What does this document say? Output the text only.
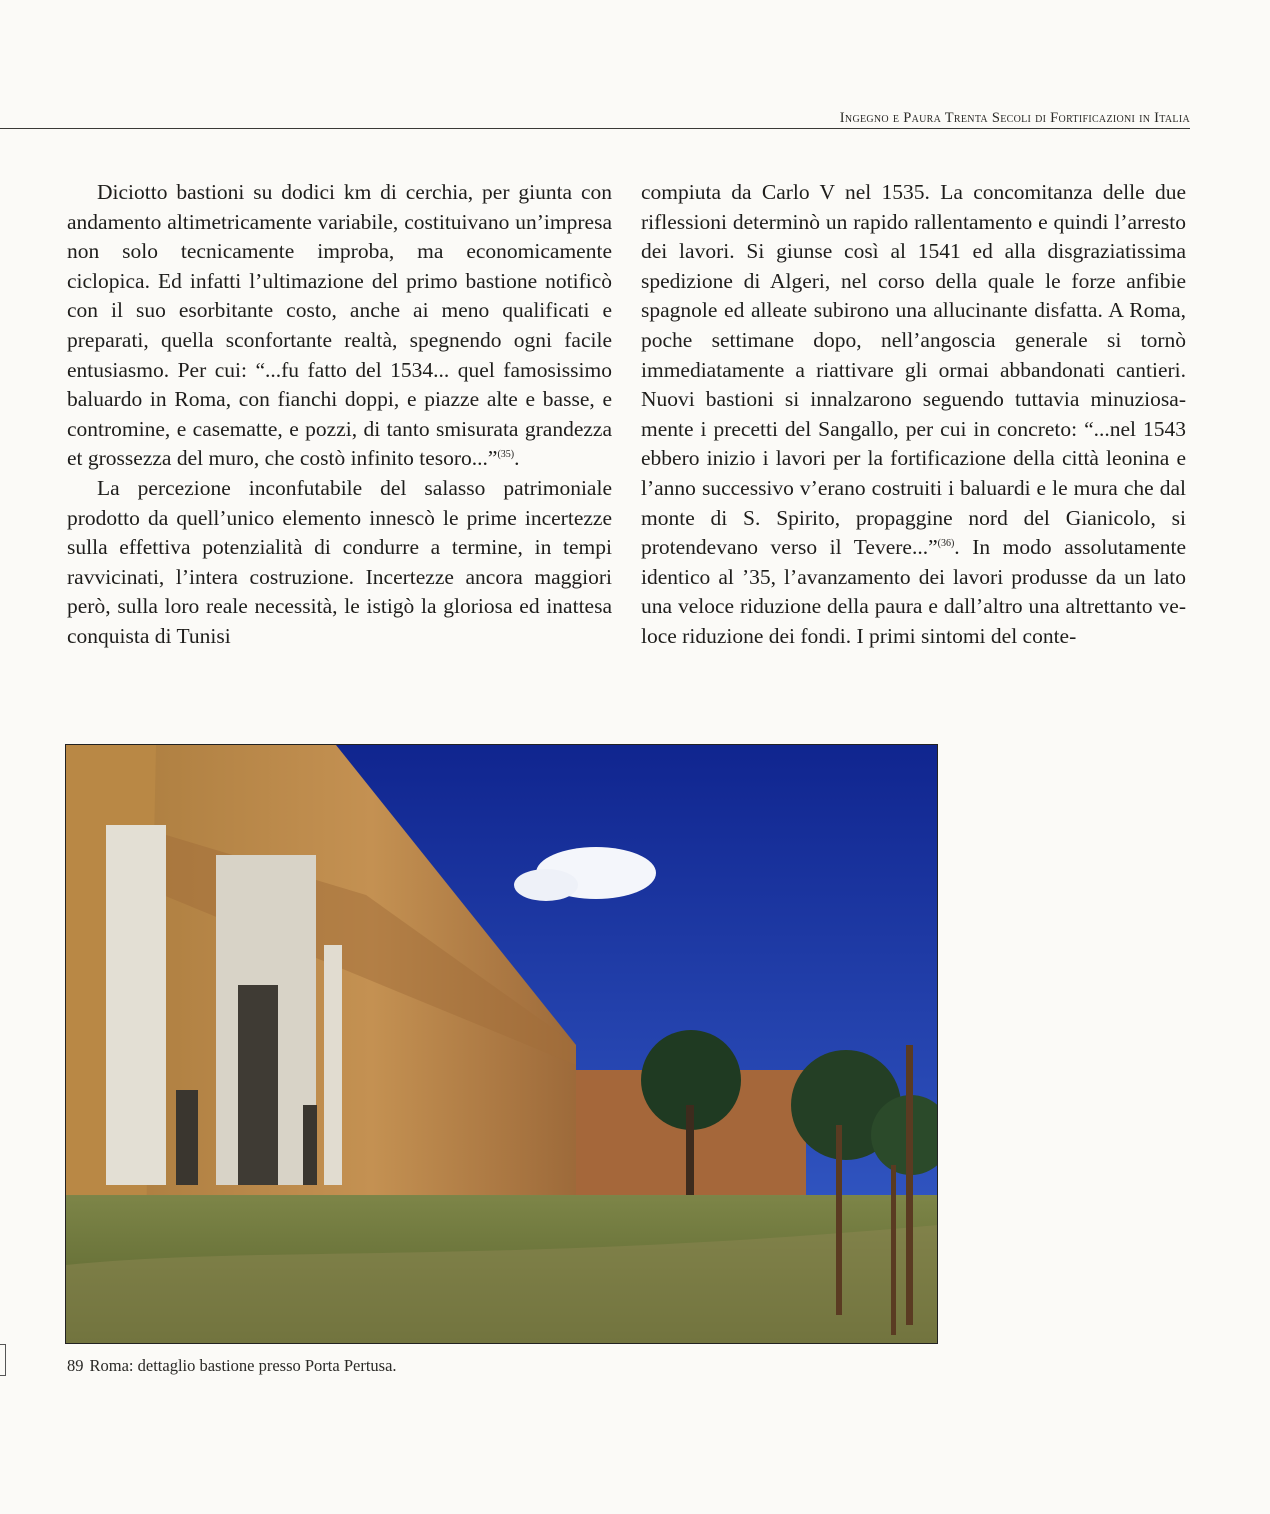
Ingegno e Paura Trenta Secoli di Fortificazioni in Italia

Diciotto bastioni su dodici km di cerchia, per giunta con andamento altimetricamente variabile, costituivano un’impresa non solo tecnicamente improba, ma economicamente ciclopica. Ed infatti l’ultimazione del primo bastione notificò con il suo esorbitante costo, anche ai meno qualificati e preparati, quella sconfortante realtà, spegnendo ogni facile entusiasmo. Per cui: “...fu fatto del 1534... quel famosissimo baluardo in Roma, con fianchi doppi, e piazze alte e basse, e contromine, e casematte, e pozzi, di tanto smisurata grandezza et grossezza del muro, che costò infinito tesoro...”$^{(35)}$.

La percezione inconfutabile del salasso patrimoniale prodotto da quell’unico elemento innescò le prime incertezze sulla effettiva potenzialità di condurre a termine, in tempi ravvicinati, l’intera costruzione. Incertezze ancora maggiori però, sulla loro reale necessità, le istigò la gloriosa ed inattesa conquista di Tunisi

compiuta da Carlo V nel 1535. La concomitanza delle due riflessioni determinò un rapido rallentamento e quindi l’arresto dei lavori. Si giunse così al 1541 ed alla disgraziatissima spedizione di Algeri, nel corso della quale le forze anfibie spagnole ed alleate subirono una allucinante disfatta. A Roma, poche settimane dopo, nell’angoscia generale si tornò immediatamente a riattivare gli ormai abbandonati cantieri. Nuovi bastioni si innalzarono seguendo tuttavia minuziosamente i precetti del Sangallo, per cui in concreto: “...nel 1543 ebbero inizio i lavori per la fortificazione della città leonina e l’anno successivo v’erano costruiti i baluardi e le mura che dal monte di S. Spirito, propaggine nord del Gianicolo, si protendevano verso il Tevere...”$^{(36)}$. In modo assolutamente identico al ’35, l’avanzamento dei lavori produsse da un lato una veloce riduzione della paura e dall’altro una altrettanto veloce riduzione dei fondi. I primi sintomi del conte-

89 Roma: dettaglio bastione presso Porta Pertusa.
